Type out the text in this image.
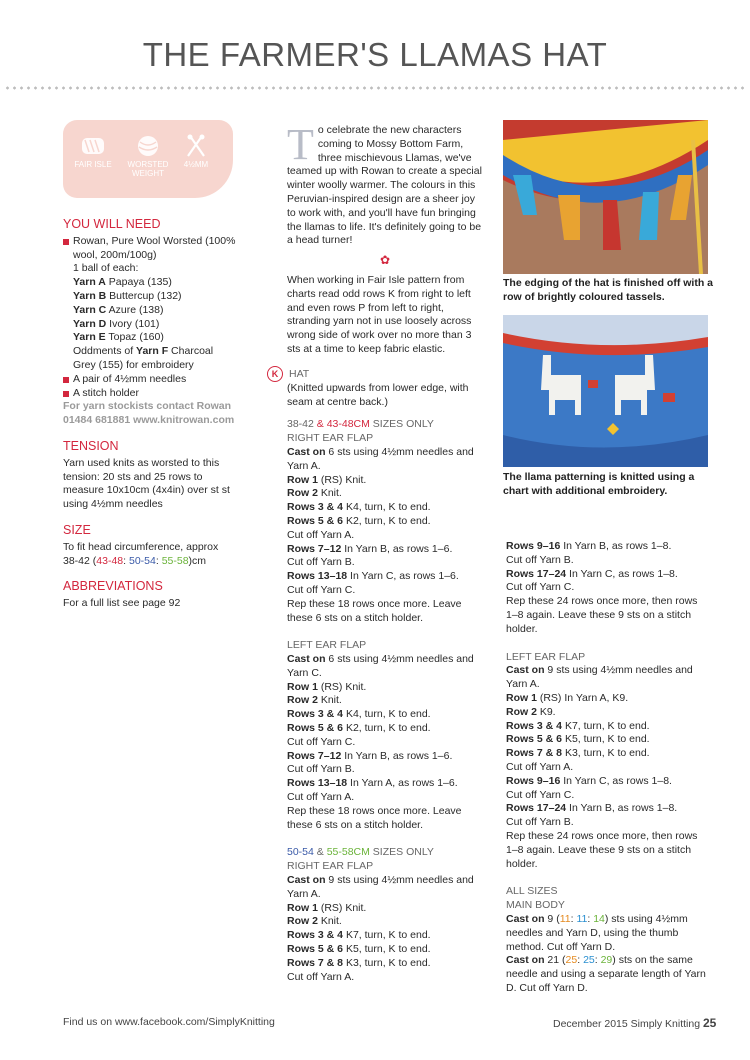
THE FARMER'S LLAMAS HAT
FAIR ISLE	WORSTED WEIGHT
4½MM
YOU WILL NEED
Rowan, Pure Wool Worsted (100% wool, 200m/100g)
1 ball of each:
Yarn A Papaya (135)
Yarn B Buttercup (132)
Yarn C Azure (138)
Yarn D Ivory (101)
Yarn E Topaz (160)
Oddments of Yarn F Charcoal Grey (155) for embroidery
A pair of 4½mm needles
A stitch holder

For yarn stockists contact Rowan 01484 681881 www.knitrowan.com

TENSION

Yarn used knits as worsted to this tension: 20 sts and 25 rows to measure 10x10cm (4x4in) over st st using 4½mm needles

SIZE

To fit head circumference, approx

38-42 (43-48: 50-54: 55-58)cm

ABBREVIATIONS

For a full list see page 92

To celebrate the new characters coming to Mossy Bottom Farm, three mischievous Llamas, we've teamed up with Rowan to create a special winter woolly warmer. The colours in this Peruvian-inspired design are a sheer joy to work with, and you'll have fun bringing the llamas to life. It's definitely going to be a head turner!

✿

When working in Fair Isle pattern from charts read odd rows K from right to left and even rows P from left to right, stranding yarn not in use loosely across wrong side of work over no more than 3 sts at a time to keep fabric elastic.

K HAT

(Knitted upwards from lower edge, with seam at centre back.)

38-42 & 43-48CM SIZES ONLY

RIGHT EAR FLAP

Cast on 6 sts using 4½mm needles and Yarn A.

Row 1 (RS) Knit.

Row 2 Knit.

Rows 3 & 4 K4, turn, K to end.

Rows 5 & 6 K2, turn, K to end.

Cut off Yarn A.

Rows 7–12 In Yarn B, as rows 1–6.

Cut off Yarn B.

Rows 13–18 In Yarn C, as rows 1–6.

Cut off Yarn C.

Rep these 18 rows once more. Leave these 6 sts on a stitch holder.

LEFT EAR FLAP

Cast on 6 sts using 4½mm needles and Yarn C.

Row 1 (RS) Knit.

Row 2 Knit.

Rows 3 & 4 K4, turn, K to end.

Rows 5 & 6 K2, turn, K to end.

Cut off Yarn C.

Rows 7–12 In Yarn B, as rows 1–6.

Cut off Yarn B.

Rows 13–18 In Yarn A, as rows 1–6.

Cut off Yarn A.

Rep these 18 rows once more. Leave these 6 sts on a stitch holder.

50-54 & 55-58CM SIZES ONLY

RIGHT EAR FLAP

Cast on 9 sts using 4½mm needles and Yarn A.

Row 1 (RS) Knit.

Row 2 Knit.

Rows 3 & 4 K7, turn, K to end.

Rows 5 & 6 K5, turn, K to end.

Rows 7 & 8 K3, turn, K to end.

Cut off Yarn A.

The edging of the hat is finished off with a row of brightly coloured tassels.
The llama patterning is knitted using a chart with additional embroidery.

Rows 9–16 In Yarn B, as rows 1–8.

Cut off Yarn B.

Rows 17–24 In Yarn C, as rows 1–8.

Cut off Yarn C.

Rep these 24 rows once more, then rows 1–8 again. Leave these 9 sts on a stitch holder.

LEFT EAR FLAP

Cast on 9 sts using 4½mm needles and Yarn A.

Row 1 (RS) In Yarn A, K9.

Row 2 K9.

Rows 3 & 4 K7, turn, K to end.

Rows 5 & 6 K5, turn, K to end.

Rows 7 & 8 K3, turn, K to end.

Cut off Yarn A.

Rows 9–16 In Yarn C, as rows 1–8.

Cut off Yarn C.

Rows 17–24 In Yarn B, as rows 1–8.

Cut off Yarn B.

Rep these 24 rows once more, then rows 1–8 again. Leave these 9 sts on a stitch holder.

ALL SIZES

MAIN BODY

Cast on 9 (11: 11: 14) sts using 4½mm needles and Yarn D, using the thumb method. Cut off Yarn D.

Cast on 21 (25: 25: 29) sts on the same needle and using a separate length of Yarn D. Cut off Yarn D.

Find us on www.facebook.com/SimplyKnitting	December 2015 Simply Knitting 25
